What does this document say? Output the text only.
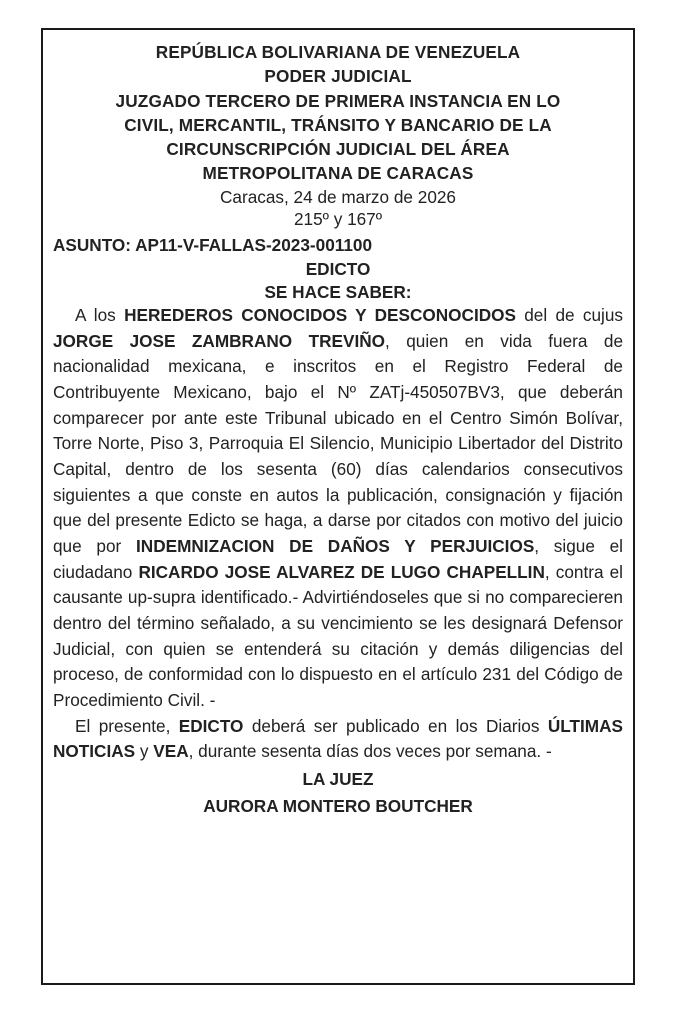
REPÚBLICA BOLIVARIANA DE VENEZUELA
PODER JUDICIAL
JUZGADO TERCERO DE PRIMERA INSTANCIA EN LO
CIVIL, MERCANTIL, TRÁNSITO Y BANCARIO DE LA
CIRCUNSCRIPCIÓN JUDICIAL DEL ÁREA
METROPOLITANA DE CARACAS
Caracas, 24 de marzo de 2026
215º y 167º
ASUNTO: AP11-V-FALLAS-2023-001100
EDICTO
SE HACE SABER:
A los HEREDEROS CONOCIDOS Y DESCONOCIDOS del de cujus JORGE JOSE ZAMBRANO TREVIÑO, quien en vida fuera de nacionalidad mexicana, e inscritos en el Registro Federal de Contribuyente Mexicano, bajo el Nº ZATj-450507BV3, que deberán comparecer por ante este Tribunal ubicado en el Centro Simón Bolívar, Torre Norte, Piso 3, Parroquia El Silencio, Municipio Libertador del Distrito Capital, dentro de los sesenta (60) días calendarios consecutivos siguientes a que conste en autos la publicación, consignación y fijación que del presente Edicto se haga, a darse por citados con motivo del juicio que por INDEMNIZACION DE DAÑOS Y PERJUICIOS, sigue el ciudadano RICARDO JOSE ALVAREZ DE LUGO CHAPELLIN, contra el causante up-supra identificado.- Advirtiéndoseles que si no comparecieren dentro del término señalado, a su vencimiento se les designará Defensor Judicial, con quien se entenderá su citación y demás diligencias del proceso, de conformidad con lo dispuesto en el artículo 231 del Código de Procedimiento Civil. -
El presente, EDICTO deberá ser publicado en los Diarios ÚLTIMAS NOTICIAS y VEA, durante sesenta días dos veces por semana. -
LA JUEZ
AURORA MONTERO BOUTCHER
